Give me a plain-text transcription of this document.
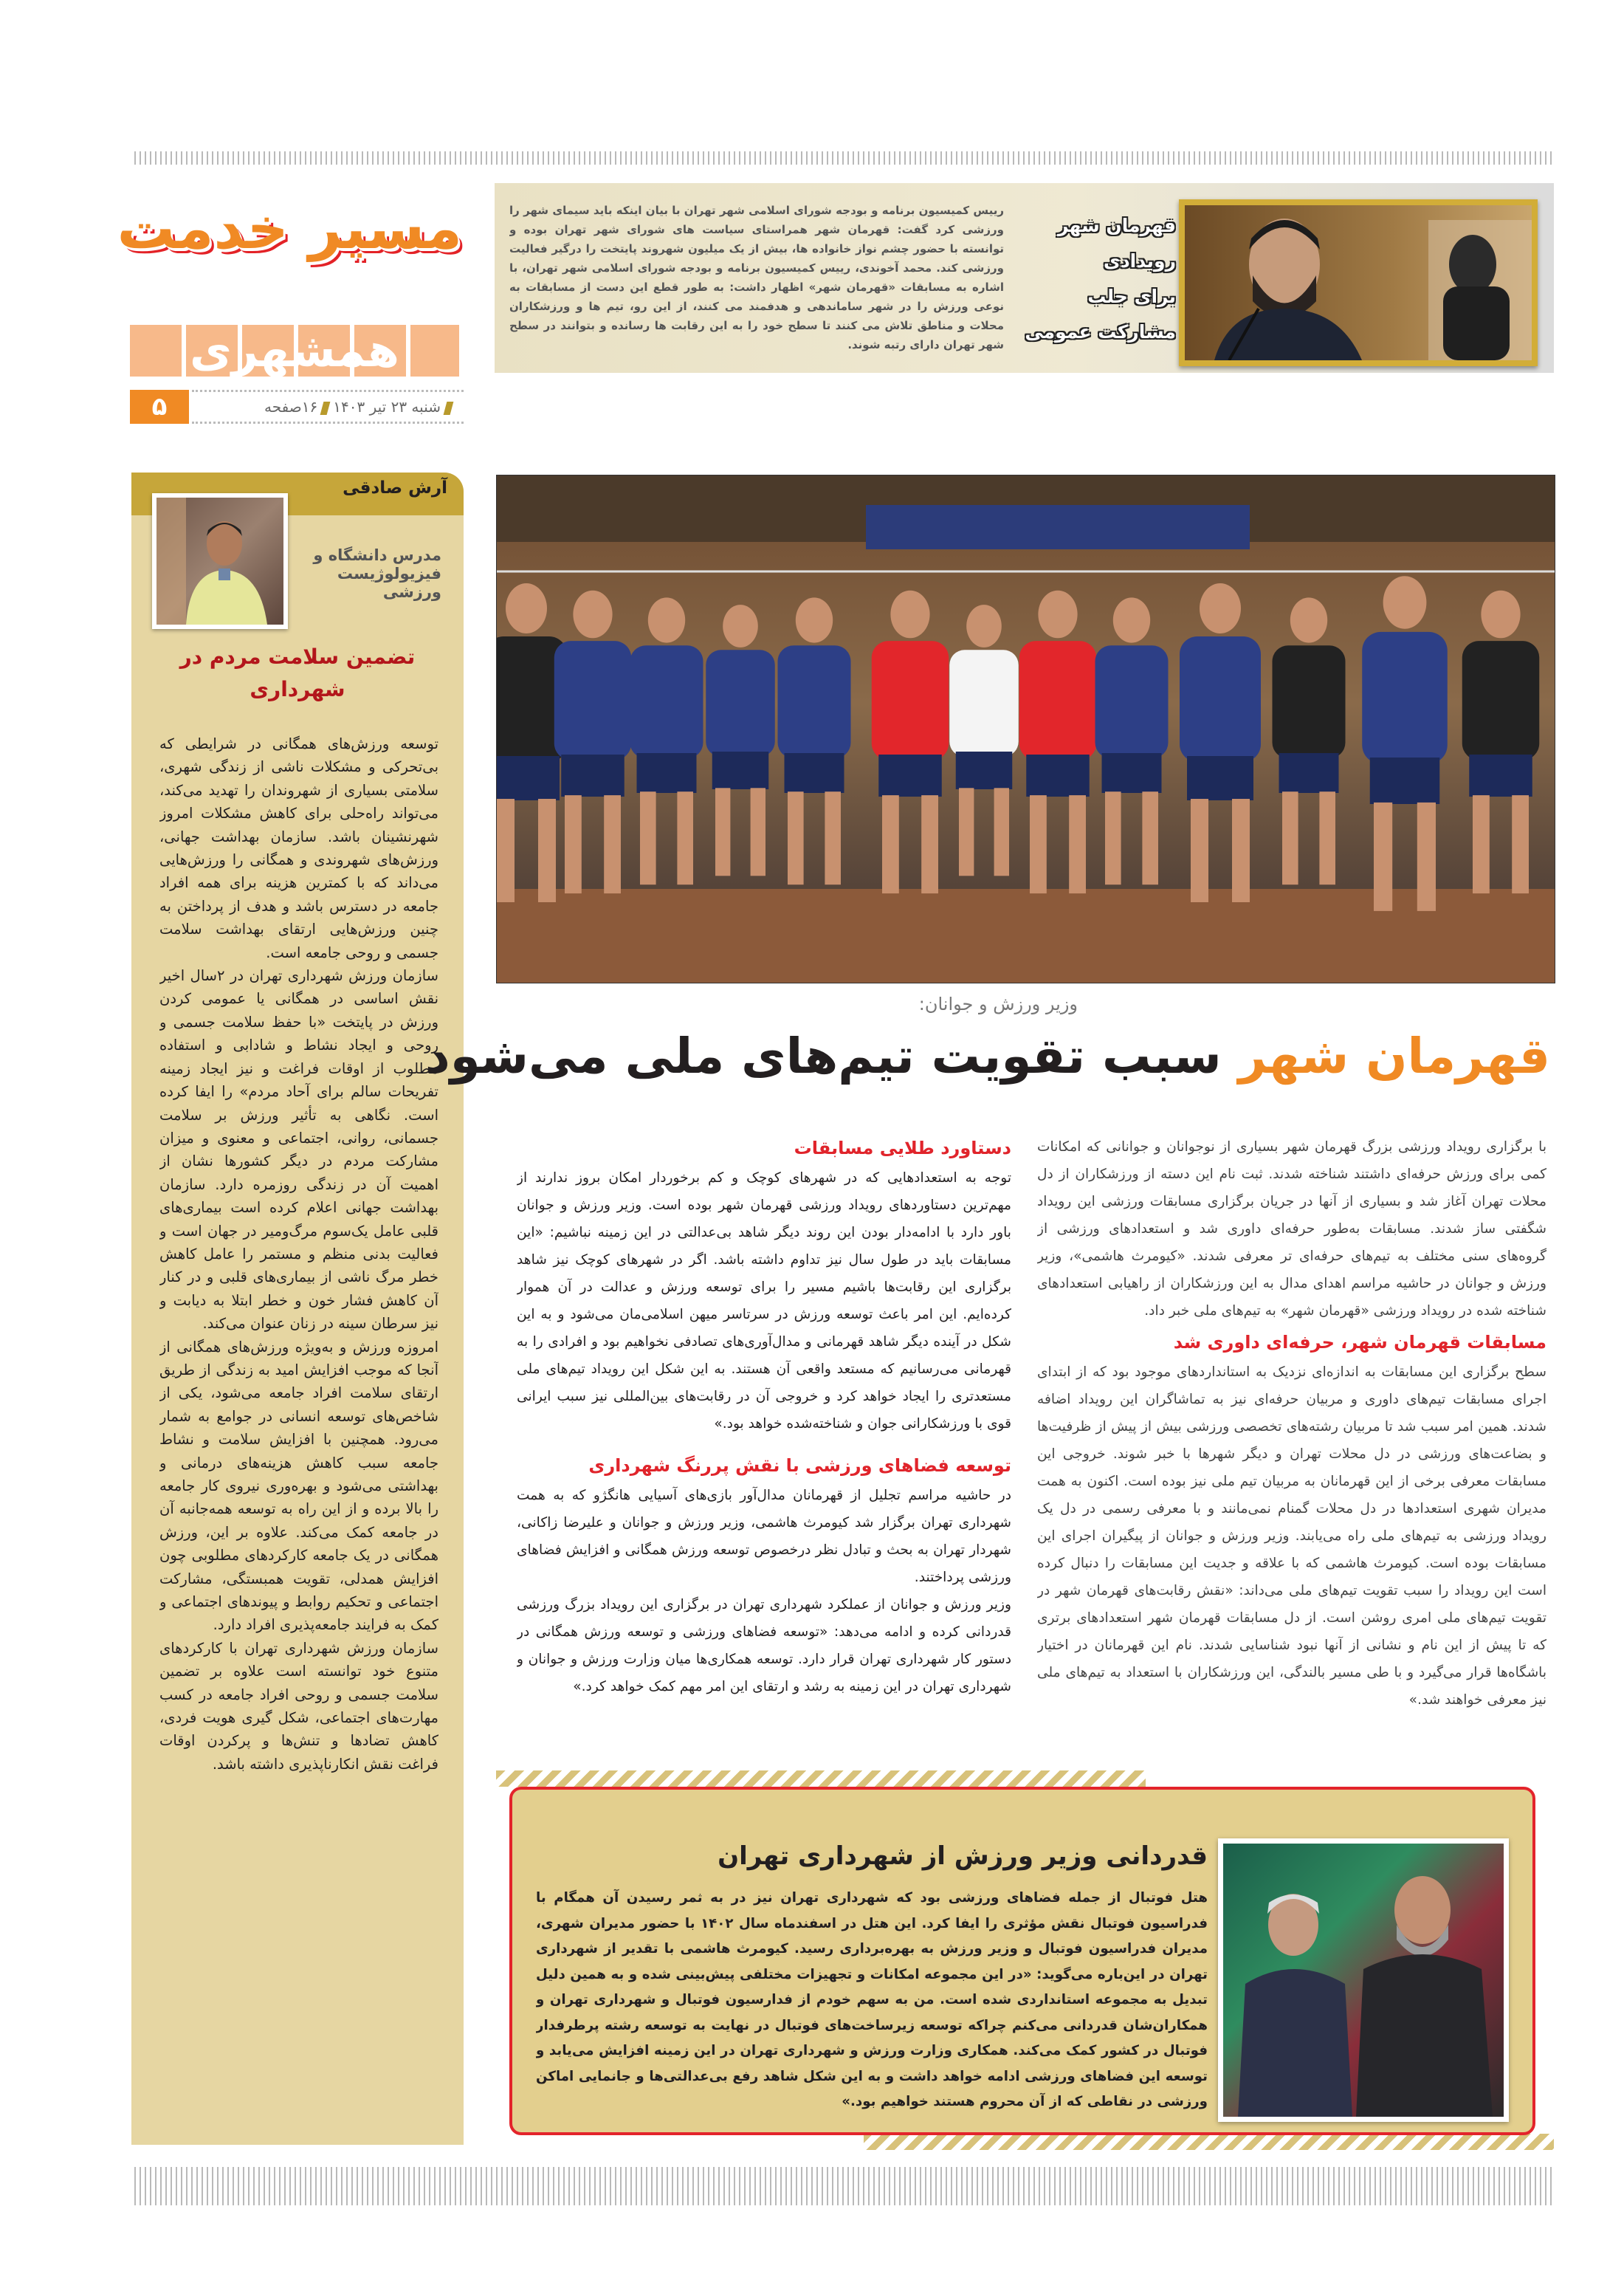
قهرمان شهر
رویدادی
برای جلب
مشارکت عمومی
رییس کمیسیون برنامه و بودجه شورای اسلامی شهر تهران با بیان اینکه باید سیمای شهر را ورزشی کرد گفت: قهرمان شهر همراستای سیاست های شورای شهر تهران بوده و توانسته با حضور چشم نواز خانواده ها، بیش از یک میلیون شهروند پایتخت را درگیر فعالیت ورزشی کند. محمد آخوندی، رییس کمیسیون برنامه و بودجه شورای اسلامی شهر تهران، با اشاره به مسابقات «قهرمان شهر» اظهار داشت: به طور قطع این دست از مسابقات به نوعی ورزش را در شهر ساماندهی و هدفمند می کنند، از این رو، تیم ها و ورزشکاران محلات و مناطق تلاش می کنند تا سطح خود را به این رقابت ها رسانده و بتوانند در سطح شهر تهران دارای رتبه شوند.
مسیر خدمت
همشهری
۵	شنبه ۲۳ تیر ۱۴۰۳۱۶صفحه
آرش صادقی
مدرس دانشگاه و فیزیولوژیست ورزشی
تضمین سلامت مردم در شهرداری

توسعه ورزش‌های همگانی در شرایطی که بی‌تحرکی و مشکلات ناشی از زندگی شهری، سلامتی بسیاری از شهروندان را تهدید می‌کند، می‌تواند راه‌حلی برای کاهش مشکلات امروز شهرنشینان باشد. سازمان بهداشت جهانی، ورزش‌های شهروندی و همگانی را ورزش‌هایی می‌داند که با کمترین هزینه برای همه افراد جامعه در دسترس باشد و هدف از پرداختن به چنین ورزش‌هایی ارتقای بهداشت سلامت جسمی و روحی جامعه است.

سازمان ورزش شهرداری تهران در ۲سال اخیر نقش اساسی در همگانی یا عمومی کردن ورزش در پایتخت «با حفظ سلامت جسمی و روحی و ایجاد نشاط و شادابی و استفاده مطلوب از اوقات فراغت و نیز ایجاد زمینه تفریحات سالم برای آحاد مردم» را ایفا کرده است. نگاهی به تأثیر ورزش بر سلامت جسمانی، روانی، اجتماعی و معنوی و میزان مشارکت مردم در دیگر کشورها نشان از اهمیت آن در زندگی روزمره دارد. سازمان بهداشت جهانی اعلام کرده است بیماری‌های قلبی عامل یک‌سوم مرگ‌ومیر در جهان است و فعالیت بدنی منظم و مستمر را عامل کاهش خطر مرگ ناشی از بیماری‌های قلبی و در کنار آن کاهش فشار خون و خطر ابتلا به دیابت و نیز سرطان سینه در زنان عنوان می‌کند.

امروزه ورزش و به‌ویژه ورزش‌های همگانی از آنجا که موجب افزایش امید به زندگی از طریق ارتقای سلامت افراد جامعه می‌شود، یکی از شاخص‌های توسعه انسانی در جوامع به شمار می‌رود. همچنین با افزایش سلامت و نشاط جامعه سبب کاهش هزینه‌های درمانی و بهداشتی می‌شود و بهره‌وری نیروی کار جامعه را بالا برده و از این راه به توسعه همه‌جانبه آن در جامعه کمک می‌کند. علاوه بر این، ورزش همگانی در یک جامعه کارکردهای مطلوبی چون افزایش همدلی، تقویت همبستگی، مشارکت اجتماعی و تحکیم روابط و پیوندهای اجتماعی و کمک به فرایند جامعه‌پذیری افراد دارد.

سازمان ورزش شهرداری تهران با کارکردهای متنوع خود توانسته است علاوه بر تضمین سلامت جسمی و روحی افراد جامعه در کسب مهارت‌های اجتماعی، شکل گیری هویت فردی، کاهش تضادها و تنش‌ها و پرکردن اوقات فراغت نقش انکارناپذیری داشته باشد.

وزیر ورزش و جوانان:
قهرمان شهر سبب تقویت تیم‌های ملی می‌شود

با برگزاری رویداد ورزشی بزرگ قهرمان شهر بسیاری از نوجوانان و جوانانی که امکانات کمی برای ورزش حرفه‌ای داشتند شناخته شدند. ثبت نام این دسته از ورزشکاران از دل محلات تهران آغاز شد و بسیاری از آنها در جریان برگزاری مسابقات ورزشی این رویداد شگفتی ساز شدند. مسابقات به‌طور حرفه‌ای داوری شد و استعدادهای ورزشی از گروه‌های سنی مختلف به تیم‌های حرفه‌ای تر معرفی شدند. «کیومرث هاشمی»، وزیر ورزش و جوانان در حاشیه مراسم اهدای مدال به این ورزشکاران از راهیابی استعدادهای شناخته شده در رویداد ورزشی «قهرمان شهر» به تیم‌های ملی خبر داد.

مسابقات قهرمان شهر، حرفه‌ای داوری شد

سطح برگزاری این مسابقات به اندازه‌ای نزدیک به استانداردهای موجود بود که از ابتدای اجرای مسابقات تیم‌های داوری و مربیان حرفه‌ای نیز به تماشاگران این رویداد اضافه شدند. همین امر سبب شد تا مربیان رشته‌های تخصصی ورزشی بیش از پیش از ظرفیت‌ها و بضاعت‌های ورزشی در دل محلات تهران و دیگر شهرها با خبر شوند. خروجی این مسابقات معرفی برخی از این قهرمانان به مربیان تیم ملی نیز بوده است. اکنون به همت مدیران شهری استعدادها در دل محلات گمنام نمی‌مانند و با معرفی رسمی در دل یک رویداد ورزشی به تیم‌های ملی راه می‌یابند. وزیر ورزش و جوانان از پیگیران اجرای این مسابقات بوده است. کیومرث هاشمی که با علاقه و جدیت این مسابقات را دنبال کرده است این رویداد را سبب تقویت تیم‌های ملی می‌داند: «نقش رقابت‌های قهرمان شهر در تقویت تیم‌های ملی امری روشن است. از دل مسابقات قهرمان شهر استعدادهای برتری که تا پیش از این نام و نشانی از آنها نبود شناسایی شدند. نام این قهرمانان در اختیار باشگاه‌ها قرار می‌گیرد و با طی مسیر بالندگی، این ورزشکاران با استعداد به تیم‌های ملی نیز معرفی خواهند شد.»

دستاورد طلایی مسابقات

توجه به استعدادهایی که در شهرهای کوچک و کم برخوردار امکان بروز ندارند از مهم‌ترین دستاوردهای رویداد ورزشی قهرمان شهر بوده است. وزیر ورزش و جوانان باور دارد با ادامه‌دار بودن این روند دیگر شاهد بی‌عدالتی در این زمینه نباشیم: «این مسابقات باید در طول سال نیز تداوم داشته باشد. اگر در شهرهای کوچک نیز شاهد برگزاری این رقابت‌ها باشیم مسیر را برای توسعه ورزش و عدالت در آن هموار کرده‌ایم. این امر باعث توسعه ورزش در سرتاسر میهن اسلامی‌مان می‌شود و به این شکل در آینده دیگر شاهد قهرمانی و مدال‌آوری‌های تصادفی نخواهیم بود و افرادی را به قهرمانی می‌رسانیم که مستعد واقعی آن هستند. به این شکل این رویداد تیم‌های ملی مستعدتری را ایجاد خواهد کرد و خروجی آن در رقابت‌های بین‌المللی نیز سبب ایرانی قوی با ورزشکارانی جوان و شناخته‌شده خواهد بود.»

توسعه فضاهای ورزشی با نقش پررنگ شهرداری

در حاشیه مراسم تجلیل از قهرمانان مدال‌آور بازی‌های آسیایی هانگژو که به همت شهرداری تهران برگزار شد کیومرث هاشمی، وزیر ورزش و جوانان و علیرضا زاکانی، شهردار تهران به بحث و تبادل نظر درخصوص توسعه ورزش همگانی و افزایش فضاهای ورزشی پرداختند.

وزیر ورزش و جوانان از عملکرد شهرداری تهران در برگزاری این رویداد بزرگ ورزشی قدردانی کرده و ادامه می‌دهد: «توسعه فضاهای ورزشی و توسعه ورزش همگانی در دستور کار شهرداری تهران قرار دارد. توسعه همکاری‌ها میان وزارت ورزش و جوانان و شهرداری تهران در این زمینه به رشد و ارتقای این امر مهم کمک خواهد کرد.»

قدردانی وزیر ورزش از شهرداری تهران
هتل فوتبال از جمله فضاهای ورزشی بود که شهرداری تهران نیز در به ثمر رسیدن آن همگام با فدراسیون فوتبال نقش مؤثری را ایفا کرد. این هتل در اسفندماه سال ۱۴۰۲ با حضور مدیران شهری، مدیران فدراسیون فوتبال و وزیر ورزش به بهره‌برداری رسید. کیومرث هاشمی با تقدیر از شهرداری تهران در این‌باره می‌گوید: «در این مجموعه امکانات و تجهیزات مختلفی پیش‌بینی شده و به همین دلیل تبدیل به مجموعه استانداردی شده است. من به سهم خودم از فدارسیون فوتبال و شهرداری تهران و همکاران‌شان قدردانی می‌کنم چراکه توسعه زیرساخت‌های فوتبال در نهایت به توسعه رشته پرطرفدار فوتبال در کشور کمک می‌کند. همکاری وزارت ورزش و شهرداری تهران در این زمینه افزایش می‌یابد و توسعه این فضاهای ورزشی ادامه خواهد داشت و به این شکل شاهد رفع بی‌عدالتی‌ها و جانمایی اماکن ورزشی در نقاطی که از آن محروم هستند خواهیم بود.»
